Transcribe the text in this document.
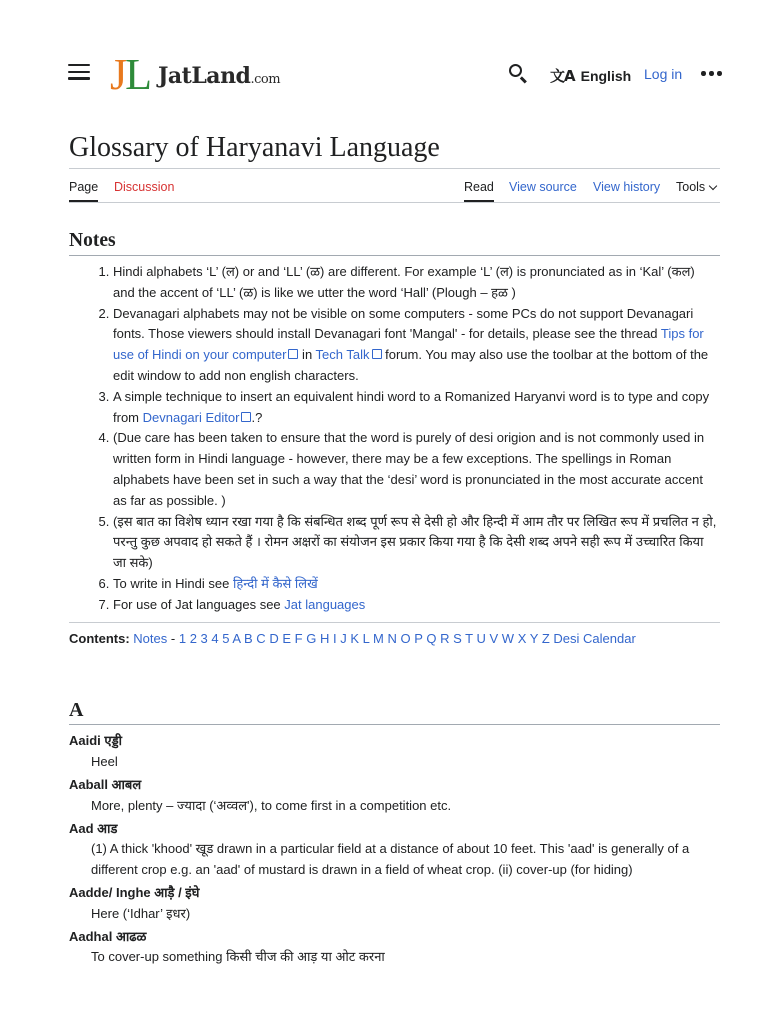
JL JatLand.com	文A English Log in
Glossary of Haryanavi Language
Page Discussion	Read View source View history Tools
Notes
1. Hindi alphabets ‘L’ (ल) or and ‘LL’ (ळ) are different. For example ‘L’ (ल) is pronunciated as in ‘Kal’ (कल) and the accent of ‘LL’ (ळ) is like we utter the word ‘Hall’ (Plough – हळ )
2. Devanagari alphabets may not be visible on some computers - some PCs do not support Devanagari fonts. Those viewers should install Devanagari font 'Mangal' - for details, please see the thread Tips for use of Hindi on your computer in Tech Talk forum. You may also use the toolbar at the bottom of the edit window to add non english characters.
3. A simple technique to insert an equivalent hindi word to a Romanized Haryanvi word is to type and copy from Devnagari Editor .?
4. (Due care has been taken to ensure that the word is purely of desi origion and is not commonly used in written form in Hindi language - however, there may be a few exceptions. The spellings in Roman alphabets have been set in such a way that the ‘desi’ word is pronunciated in the most accurate accent as far as possible. )
5. (इस बात का विशेष ध्यान रखा गया है कि संबन्धित शब्द पूर्ण रूप से देसी हो और हिन्दी में आम तौर पर लिखित रूप में प्रचलित न हो, परन्तु कुछ अपवाद हो सकते हैं । रोमन अक्षरों का संयोजन इस प्रकार किया गया है कि देसी शब्द अपने सही रूप में उच्चारित किया जा सके)
6. To write in Hindi see हिन्दी में कैसे लिखें
7. For use of Jat languages see Jat languages
Contents: Notes - 1 2 3 4 5 A B C D E F G H I J K L M N O P Q R S T U V W X Y Z Desi Calendar
A
Aaidi एड्डी
Heel
Aaball आबल
More, plenty – ज्यादा (‘अव्वल'), to come first in a competition etc.
Aad आड
(1) A thick 'khood' खूड drawn in a particular field at a distance of about 10 feet. This 'aad' is generally of a different crop e.g. an 'aad' of mustard is drawn in a field of wheat crop. (ii) cover-up (for hiding)
Aadde/ Inghe आड़ै / इंघे
Here (‘Idhar’ इधर)
Aadhal आढळ
To cover-up something किसी चीज की आड़ या ओट करना
